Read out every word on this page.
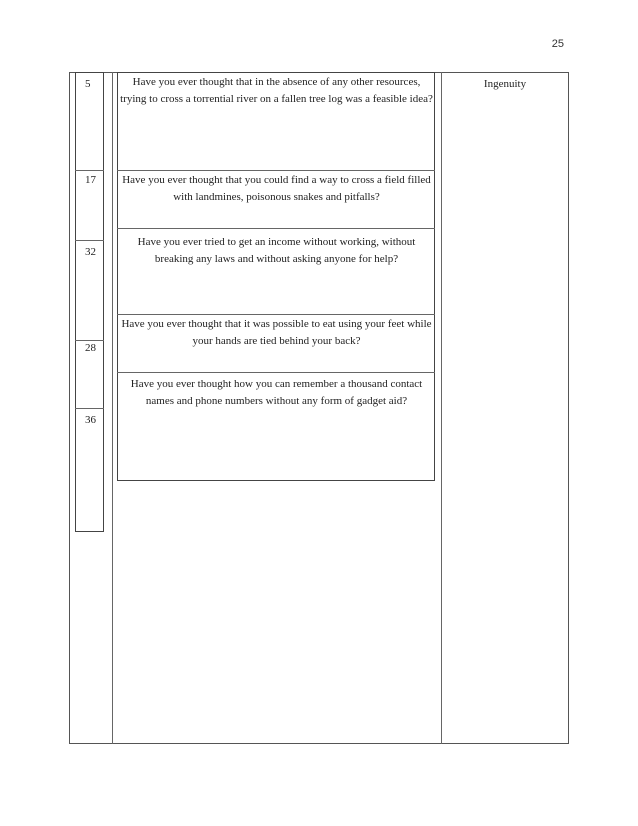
25
5
17
32
28
36
Have you ever thought that in the absence of any other resources, trying to cross a torrential river on a fallen tree log was a feasible idea?
Have you ever thought that you could find a way to cross a field filled with landmines, poisonous snakes and pitfalls?
Have you ever tried to get an income without working, without breaking any laws and without asking anyone for help?
Have you ever thought that it was possible to eat using your feet while your hands are tied behind your back?
Have you ever thought how you can remember a thousand contact names and phone numbers without any form of gadget aid?
Ingenuity
